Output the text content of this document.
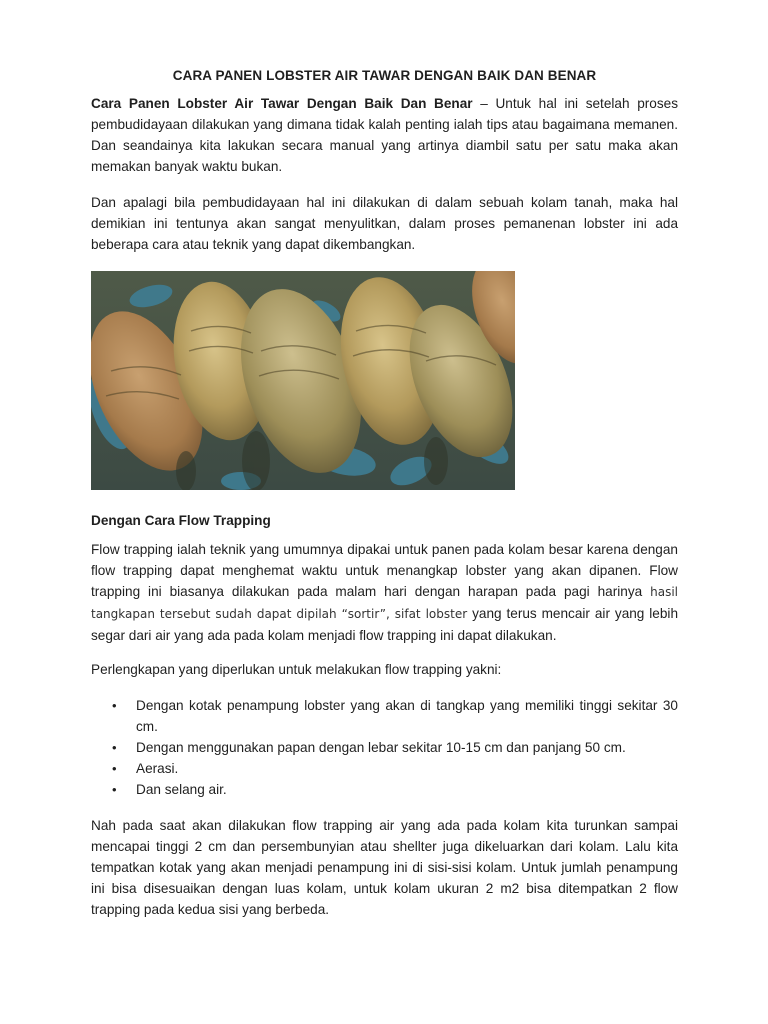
CARA PANEN LOBSTER AIR TAWAR DENGAN BAIK DAN BENAR

Cara Panen Lobster Air Tawar Dengan Baik Dan Benar – Untuk hal ini setelah proses pembudidayaan dilakukan yang dimana tidak kalah penting ialah tips atau bagaimana memanen. Dan seandainya kita lakukan secara manual yang artinya diambil satu per satu maka akan memakan banyak waktu bukan.

Dan apalagi bila pembudidayaan hal ini dilakukan di dalam sebuah kolam tanah, maka hal demikian ini tentunya akan sangat menyulitkan, dalam proses pemanenan lobster ini ada beberapa cara atau teknik yang dapat dikembangkan.

Dengan Cara Flow Trapping

Flow trapping ialah teknik yang umumnya dipakai untuk panen pada kolam besar karena dengan flow trapping dapat menghemat waktu untuk menangkap lobster yang akan dipanen. Flow trapping ini biasanya dilakukan pada malam hari dengan harapan pada pagi harinya hasil tangkapan tersebut sudah dapat dipilah “sortir”, sifat lobster yang terus mencair air yang lebih segar dari air yang ada pada kolam menjadi flow trapping ini dapat dilakukan.

Perlengkapan yang diperlukan untuk melakukan flow trapping yakni:

• Dengan kotak penampung lobster yang akan di tangkap yang memiliki tinggi sekitar 30 cm.
• Dengan menggunakan papan dengan lebar sekitar 10-15 cm dan panjang 50 cm.
• Aerasi.
• Dan selang air.

Nah pada saat akan dilakukan flow trapping air yang ada pada kolam kita turunkan sampai mencapai tinggi 2 cm dan persembunyian atau shellter juga dikeluarkan dari kolam. Lalu kita tempatkan kotak yang akan menjadi penampung ini di sisi-sisi kolam. Untuk jumlah penampung ini bisa disesuaikan dengan luas kolam, untuk kolam ukuran 2 m2 bisa ditempatkan 2 flow trapping pada kedua sisi yang berbeda.
